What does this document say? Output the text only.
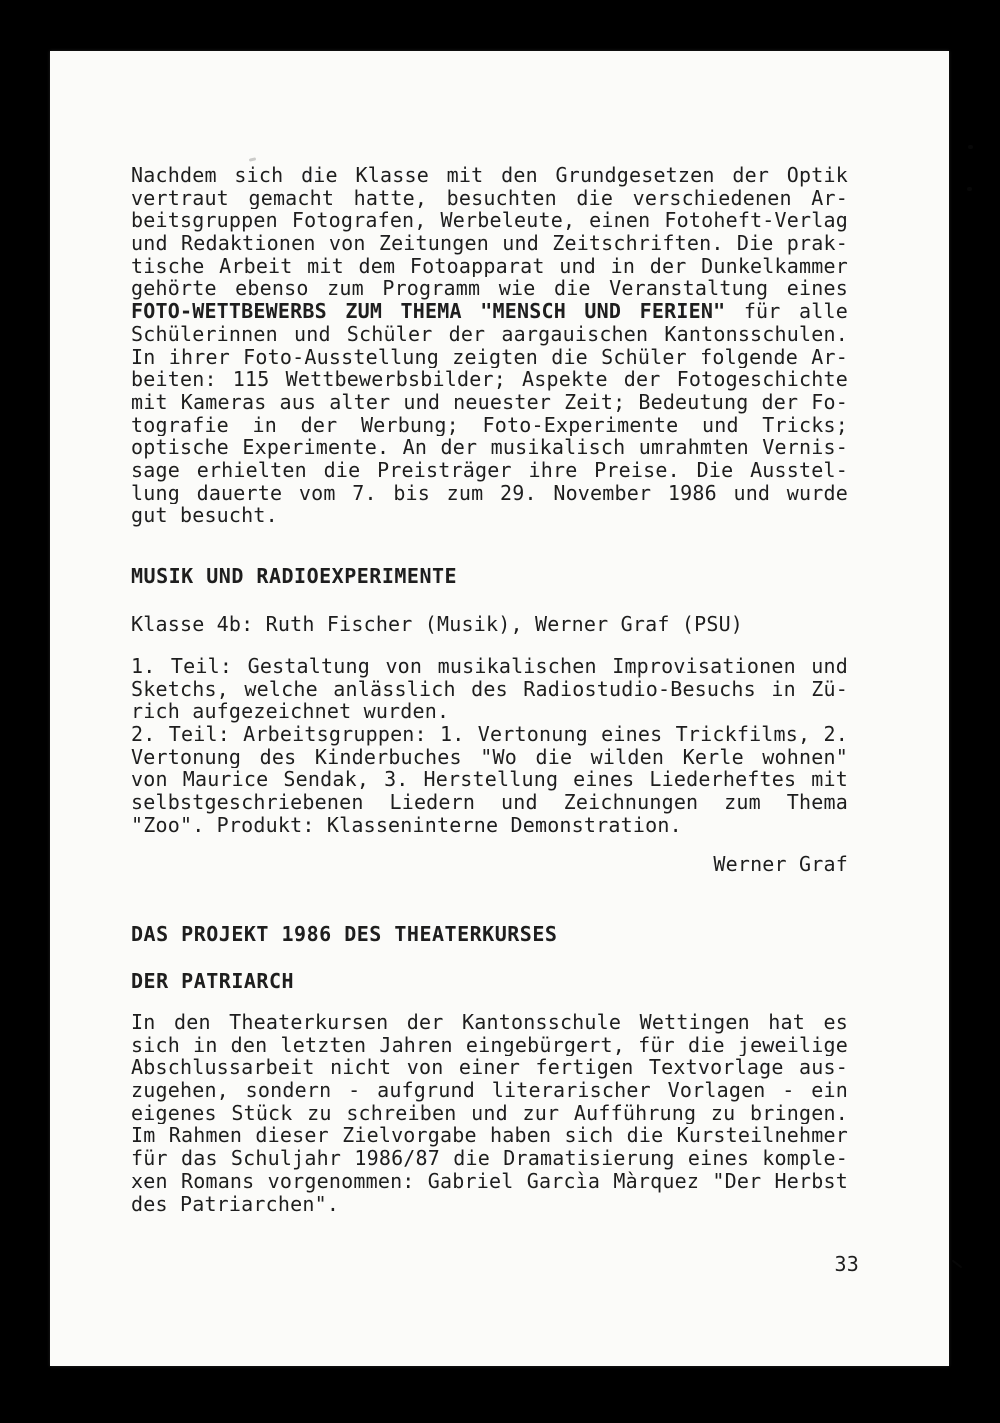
Nachdem sich die Klasse mit den Grundgesetzen der Optik
vertraut gemacht hatte, besuchten die verschiedenen Ar-
beitsgruppen Fotografen, Werbeleute, einen Fotoheft-Verlag
und Redaktionen von Zeitungen und Zeitschriften. Die prak-
tische Arbeit mit dem Fotoapparat und in der Dunkelkammer
gehörte ebenso zum Programm wie die Veranstaltung eines
FOTO-WETTBEWERBS ZUM THEMA "MENSCH UND FERIEN" für alle
Schülerinnen und Schüler der aargauischen Kantonsschulen.
In ihrer Foto-Ausstellung zeigten die Schüler folgende Ar-
beiten: 115 Wettbewerbsbilder; Aspekte der Fotogeschichte
mit Kameras aus alter und neuester Zeit; Bedeutung der Fo-
tografie in der Werbung; Foto-Experimente und Tricks;
optische Experimente. An der musikalisch umrahmten Vernis-
sage erhielten die Preisträger ihre Preise. Die Ausstel-
lung dauerte vom 7. bis zum 29. November 1986 und wurde
gut besucht.
MUSIK UND RADIOEXPERIMENTE
Klasse 4b: Ruth Fischer (Musik), Werner Graf (PSU)
1. Teil: Gestaltung von musikalischen Improvisationen und
Sketchs, welche anlässlich des Radiostudio-Besuchs in Zü-
rich aufgezeichnet wurden.
2. Teil: Arbeitsgruppen: 1. Vertonung eines Trickfilms, 2.
Vertonung des Kinderbuches "Wo die wilden Kerle wohnen"
von Maurice Sendak, 3. Herstellung eines Liederheftes mit
selbstgeschriebenen Liedern und Zeichnungen zum Thema
"Zoo". Produkt: Klasseninterne Demonstration.
Werner Graf
DAS PROJEKT 1986 DES THEATERKURSES
DER PATRIARCH
In den Theaterkursen der Kantonsschule Wettingen hat es
sich in den letzten Jahren eingebürgert, für die jeweilige
Abschlussarbeit nicht von einer fertigen Textvorlage aus-
zugehen, sondern - aufgrund literarischer Vorlagen - ein
eigenes Stück zu schreiben und zur Aufführung zu bringen.
Im Rahmen dieser Zielvorgabe haben sich die Kursteilnehmer
für das Schuljahr 1986/87 die Dramatisierung eines komple-
xen Romans vorgenommen: Gabriel Garcìa Màrquez "Der Herbst
des Patriarchen".
33
